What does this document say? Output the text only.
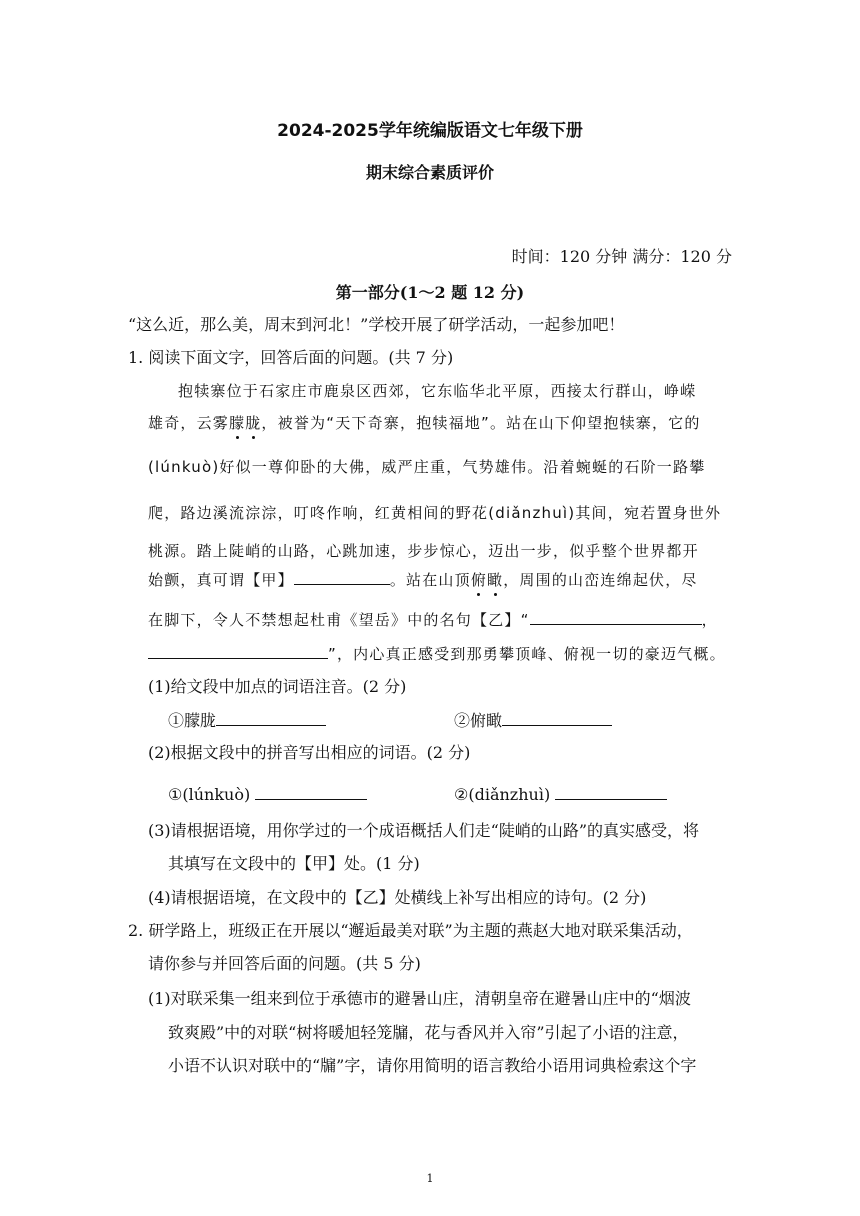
2024-2025学年统编版语文七年级下册
期末综合素质评价
时间：120 分钟 满分：120 分
第一部分(1～2 题 12 分)
“这么近，那么美，周末到河北！”学校开展了研学活动，一起参加吧！
1. 阅读下面文字，回答后面的问题。(共 7 分)
抱犊寨位于石家庄市鹿泉区西郊，它东临华北平原，西接太行群山，峥嵘
雄奇，云雾朦胧，被誉为“天下奇寨，抱犊福地”。站在山下仰望抱犊寨，它的
(lúnkuò)好似一尊仰卧的大佛，威严庄重，气势雄伟。沿着蜿蜒的石阶一路攀
爬，路边溪流淙淙，叮咚作响，红黄相间的野花(diǎnzhuì)其间，宛若置身世外
桃源。踏上陡峭的山路，心跳加速，步步惊心，迈出一步，似乎整个世界都开
始颤，真可谓【甲】	。站在山顶俯瞰，周围的山峦连绵起伏，尽
在脚下，令人不禁想起杜甫《望岳》中的名句【乙】“	，
”，内心真正感受到那勇攀顶峰、俯视一切的豪迈气概。
(1)给文段中加点的词语注音。(2 分)
①朦胧	②俯瞰
(2)根据文段中的拼音写出相应的词语。(2 分)
①(lúnkuò)	②(diǎnzhuì)
(3)请根据语境，用你学过的一个成语概括人们走“陡峭的山路”的真实感受，将
其填写在文段中的【甲】处。(1 分)
(4)请根据语境，在文段中的【乙】处横线上补写出相应的诗句。(2 分)
2. 研学路上，班级正在开展以“邂逅最美对联”为主题的燕赵大地对联采集活动，
请你参与并回答后面的问题。(共 5 分)
(1)对联采集一组来到位于承德市的避暑山庄，清朝皇帝在避暑山庄中的“烟波
致爽殿”中的对联“树将暖旭轻笼牖，花与香风并入帘”引起了小语的注意，
小语不认识对联中的“牖”字，请你用简明的语言教给小语用词典检索这个字
1
